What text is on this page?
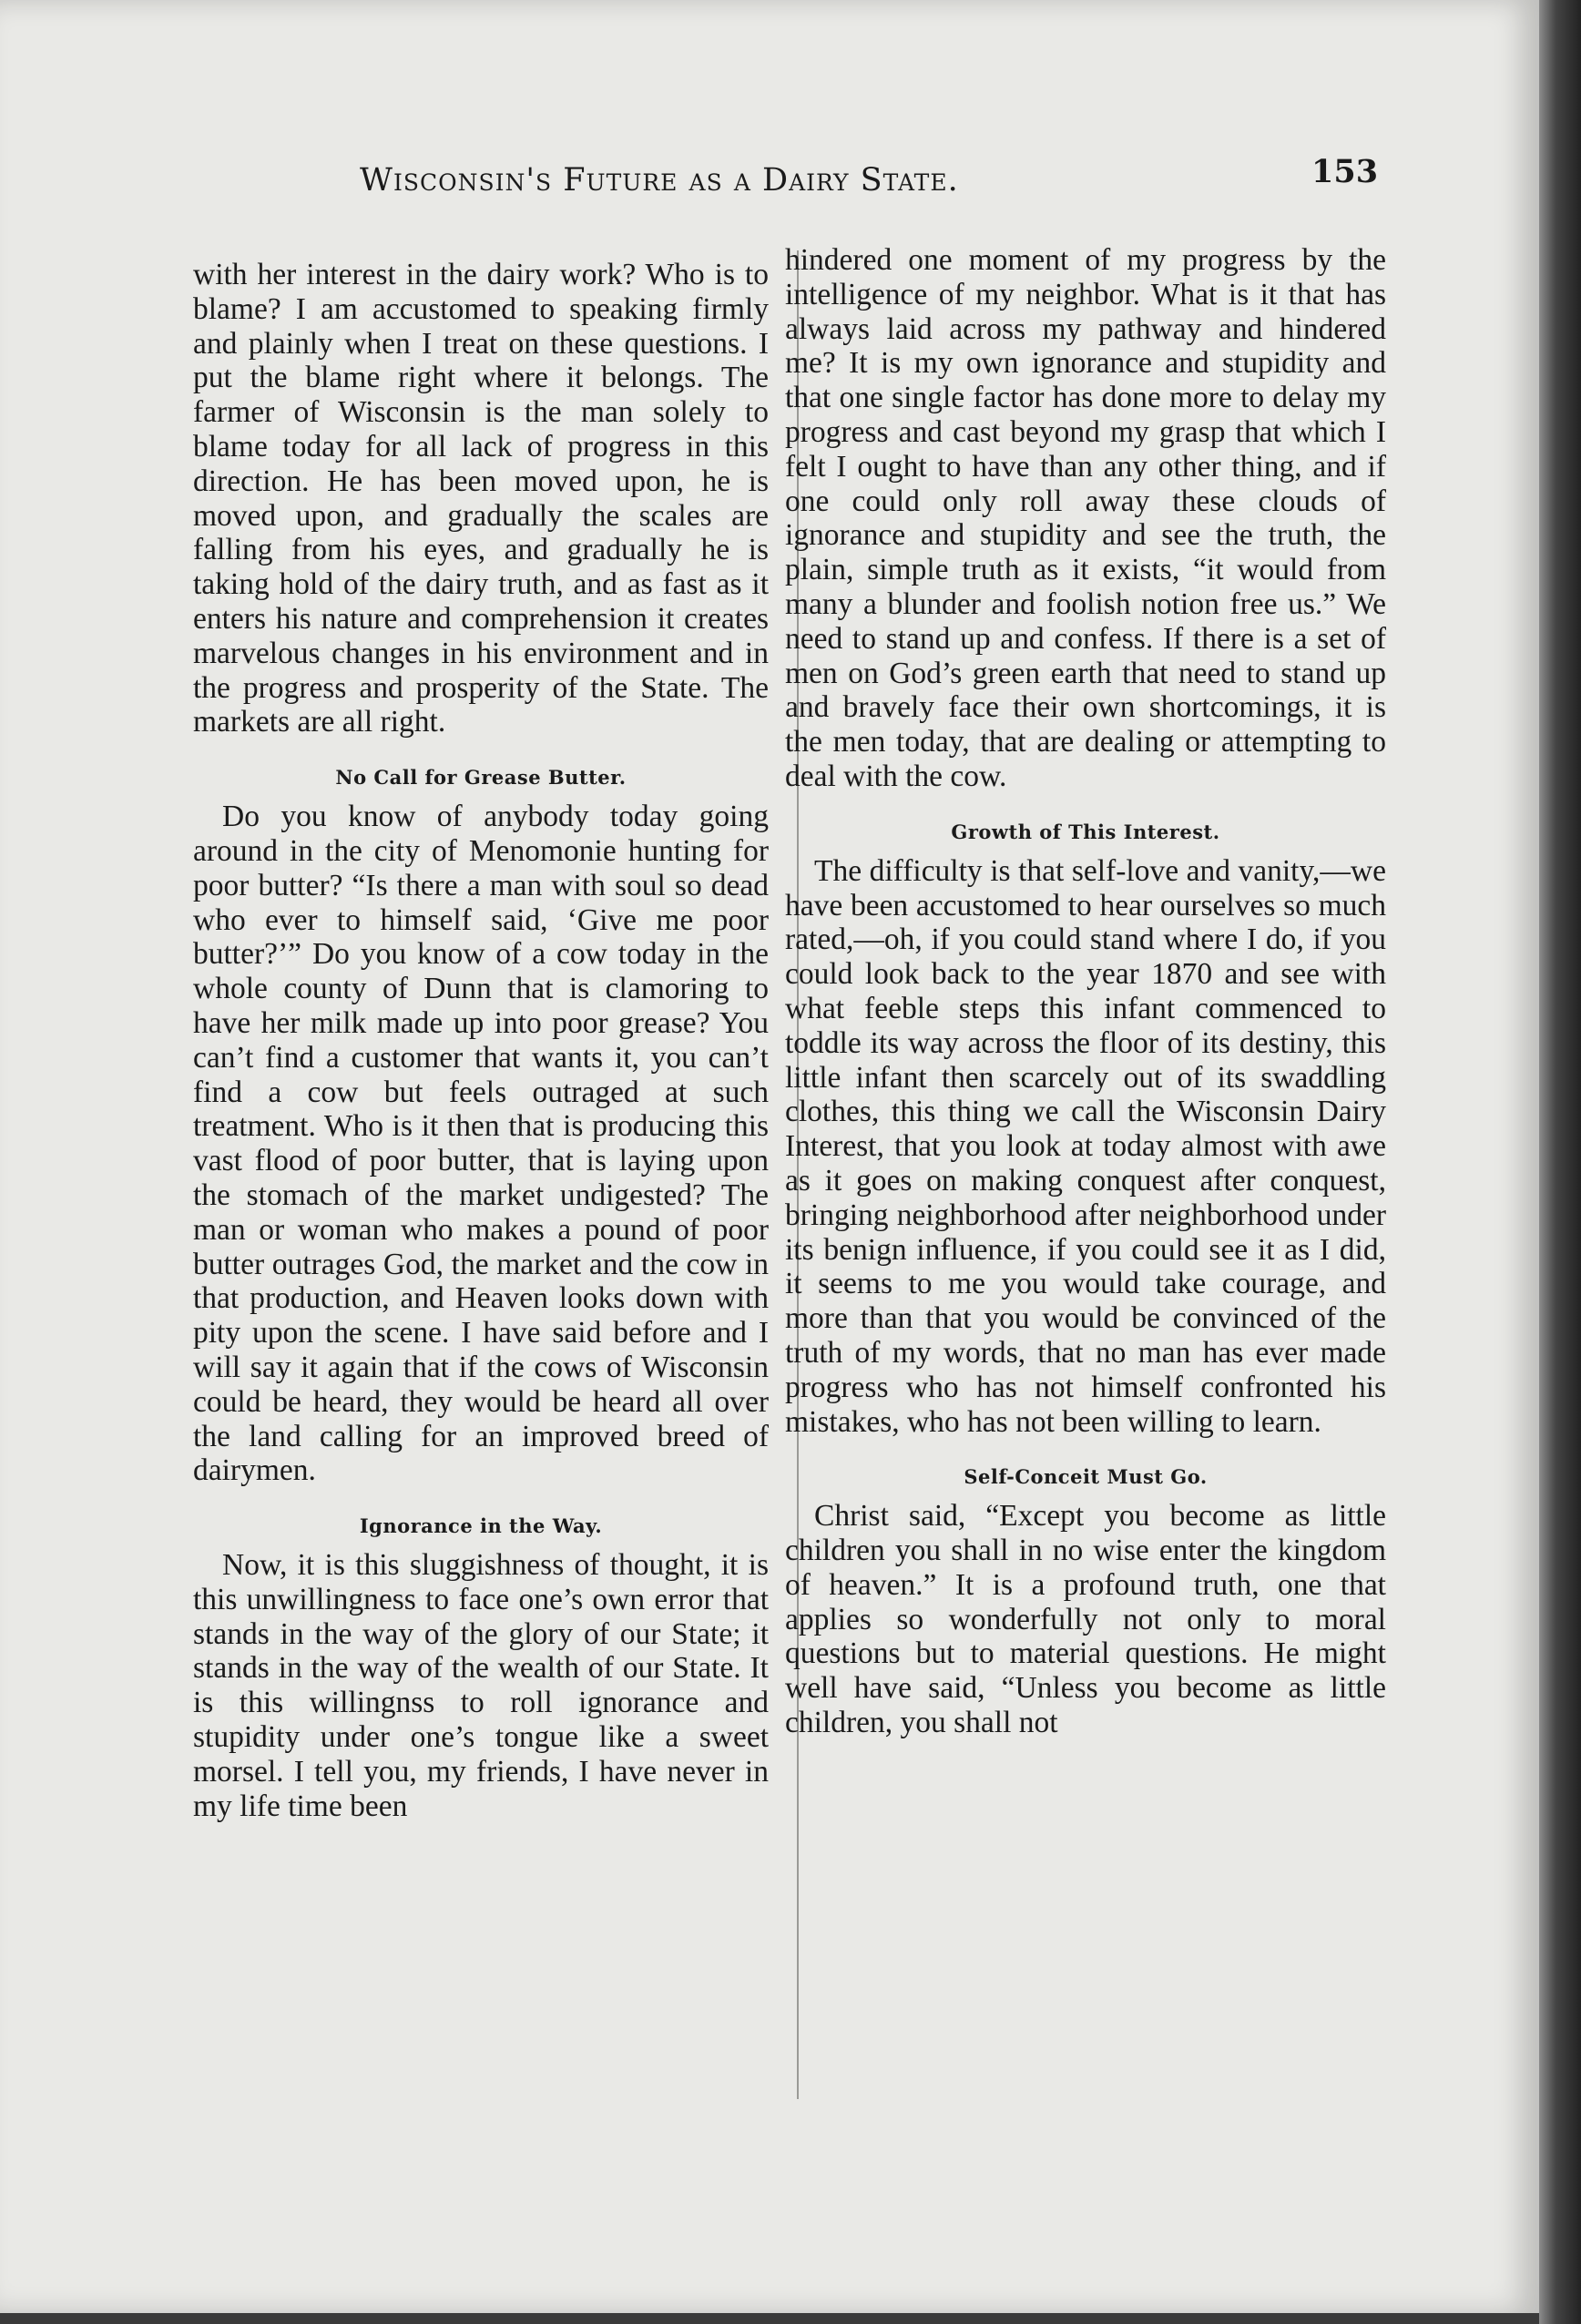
Wisconsin's Future as a Dairy State.	153

with her interest in the dairy work? Who is to blame? I am accustomed to speaking firmly and plainly when I treat on these questions. I put the blame right where it belongs. The farmer of Wisconsin is the man solely to blame today for all lack of progress in this direction. He has been moved upon, he is moved upon, and gradually the scales are falling from his eyes, and gradually he is taking hold of the dairy truth, and as fast as it enters his nature and comprehension it creates marvelous changes in his environment and in the progress and prosperity of the State. The markets are all right.

No Call for Grease Butter.

Do you know of anybody today going around in the city of Menomonie hunting for poor butter? “Is there a man with soul so dead who ever to himself said, ‘Give me poor butter?’” Do you know of a cow today in the whole county of Dunn that is clamoring to have her milk made up into poor grease? You can’t find a customer that wants it, you can’t find a cow but feels outraged at such treatment. Who is it then that is producing this vast flood of poor butter, that is laying upon the stomach of the market undigested? The man or woman who makes a pound of poor butter outrages God, the market and the cow in that production, and Heaven looks down with pity upon the scene. I have said before and I will say it again that if the cows of Wisconsin could be heard, they would be heard all over the land calling for an improved breed of dairymen.

Ignorance in the Way.

Now, it is this sluggishness of thought, it is this unwillingness to face one’s own error that stands in the way of the glory of our State; it stands in the way of the wealth of our State. It is this willingnss to roll ignorance and stupidity under one’s tongue like a sweet morsel. I tell you, my friends, I have never in my life time been

hindered one moment of my progress by the intelligence of my neighbor. What is it that has always laid across my pathway and hindered me? It is my own ignorance and stupidity and that one single factor has done more to delay my progress and cast beyond my grasp that which I felt I ought to have than any other thing, and if one could only roll away these clouds of ignorance and stupidity and see the truth, the plain, simple truth as it exists, “it would from many a blunder and foolish notion free us.” We need to stand up and confess. If there is a set of men on God’s green earth that need to stand up and bravely face their own shortcomings, it is the men today, that are dealing or attempting to deal with the cow.

Growth of This Interest.

The difficulty is that self-love and vanity,—we have been accustomed to hear ourselves so much rated,—oh, if you could stand where I do, if you could look back to the year 1870 and see with what feeble steps this infant commenced to toddle its way across the floor of its destiny, this little infant then scarcely out of its swaddling clothes, this thing we call the Wisconsin Dairy Interest, that you look at today almost with awe as it goes on making conquest after conquest, bringing neighborhood after neighborhood under its benign influence, if you could see it as I did, it seems to me you would take courage, and more than that you would be convinced of the truth of my words, that no man has ever made progress who has not himself confronted his mistakes, who has not been willing to learn.

Self-Conceit Must Go.

Christ said, “Except you become as little children you shall in no wise enter the kingdom of heaven.” It is a profound truth, one that applies so wonderfully not only to moral questions but to material questions. He might well have said, “Unless you become as little children, you shall not
